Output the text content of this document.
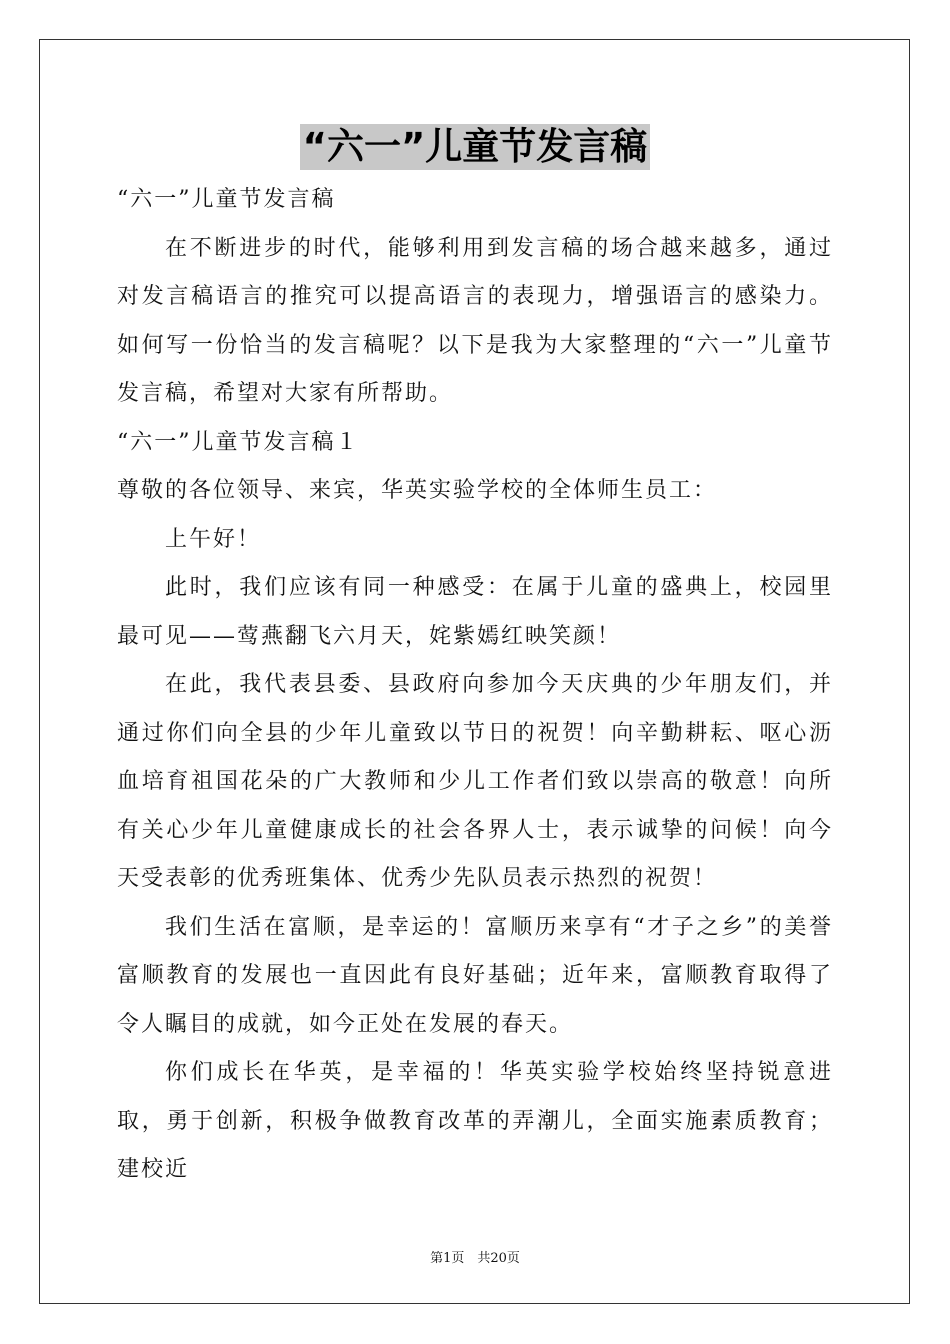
“六一”儿童节发言稿

“六一”儿童节发言稿

在不断进步的时代，能够利用到发言稿的场合越来越多，通过对发言稿语言的推究可以提高语言的表现力，增强语言的感染力。如何写一份恰当的发言稿呢？以下是我为大家整理的“六一”儿童节发言稿，希望对大家有所帮助。

“六一”儿童节发言稿１

尊敬的各位领导、来宾，华英实验学校的全体师生员工：

上午好！

此时，我们应该有同一种感受：在属于儿童的盛典上，校园里最可见——莺燕翻飞六月天，姹紫嫣红映笑颜！

在此，我代表县委、县政府向参加今天庆典的少年朋友们，并通过你们向全县的少年儿童致以节日的祝贺！向辛勤耕耘、呕心沥血培育祖国花朵的广大教师和少儿工作者们致以崇高的敬意！向所有关心少年儿童健康成长的社会各界人士，表示诚挚的问候！向今天受表彰的优秀班集体、优秀少先队员表示热烈的祝贺！

我们生活在富顺，是幸运的！富顺历来享有“才子之乡”的美誉富顺教育的发展也一直因此有良好基础；近年来，富顺教育取得了令人瞩目的成就，如今正处在发展的春天。

你们成长在华英，是幸福的！华英实验学校始终坚持锐意进取，勇于创新，积极争做教育改革的弄潮儿，全面实施素质教育；建校近

第1页　共20页
